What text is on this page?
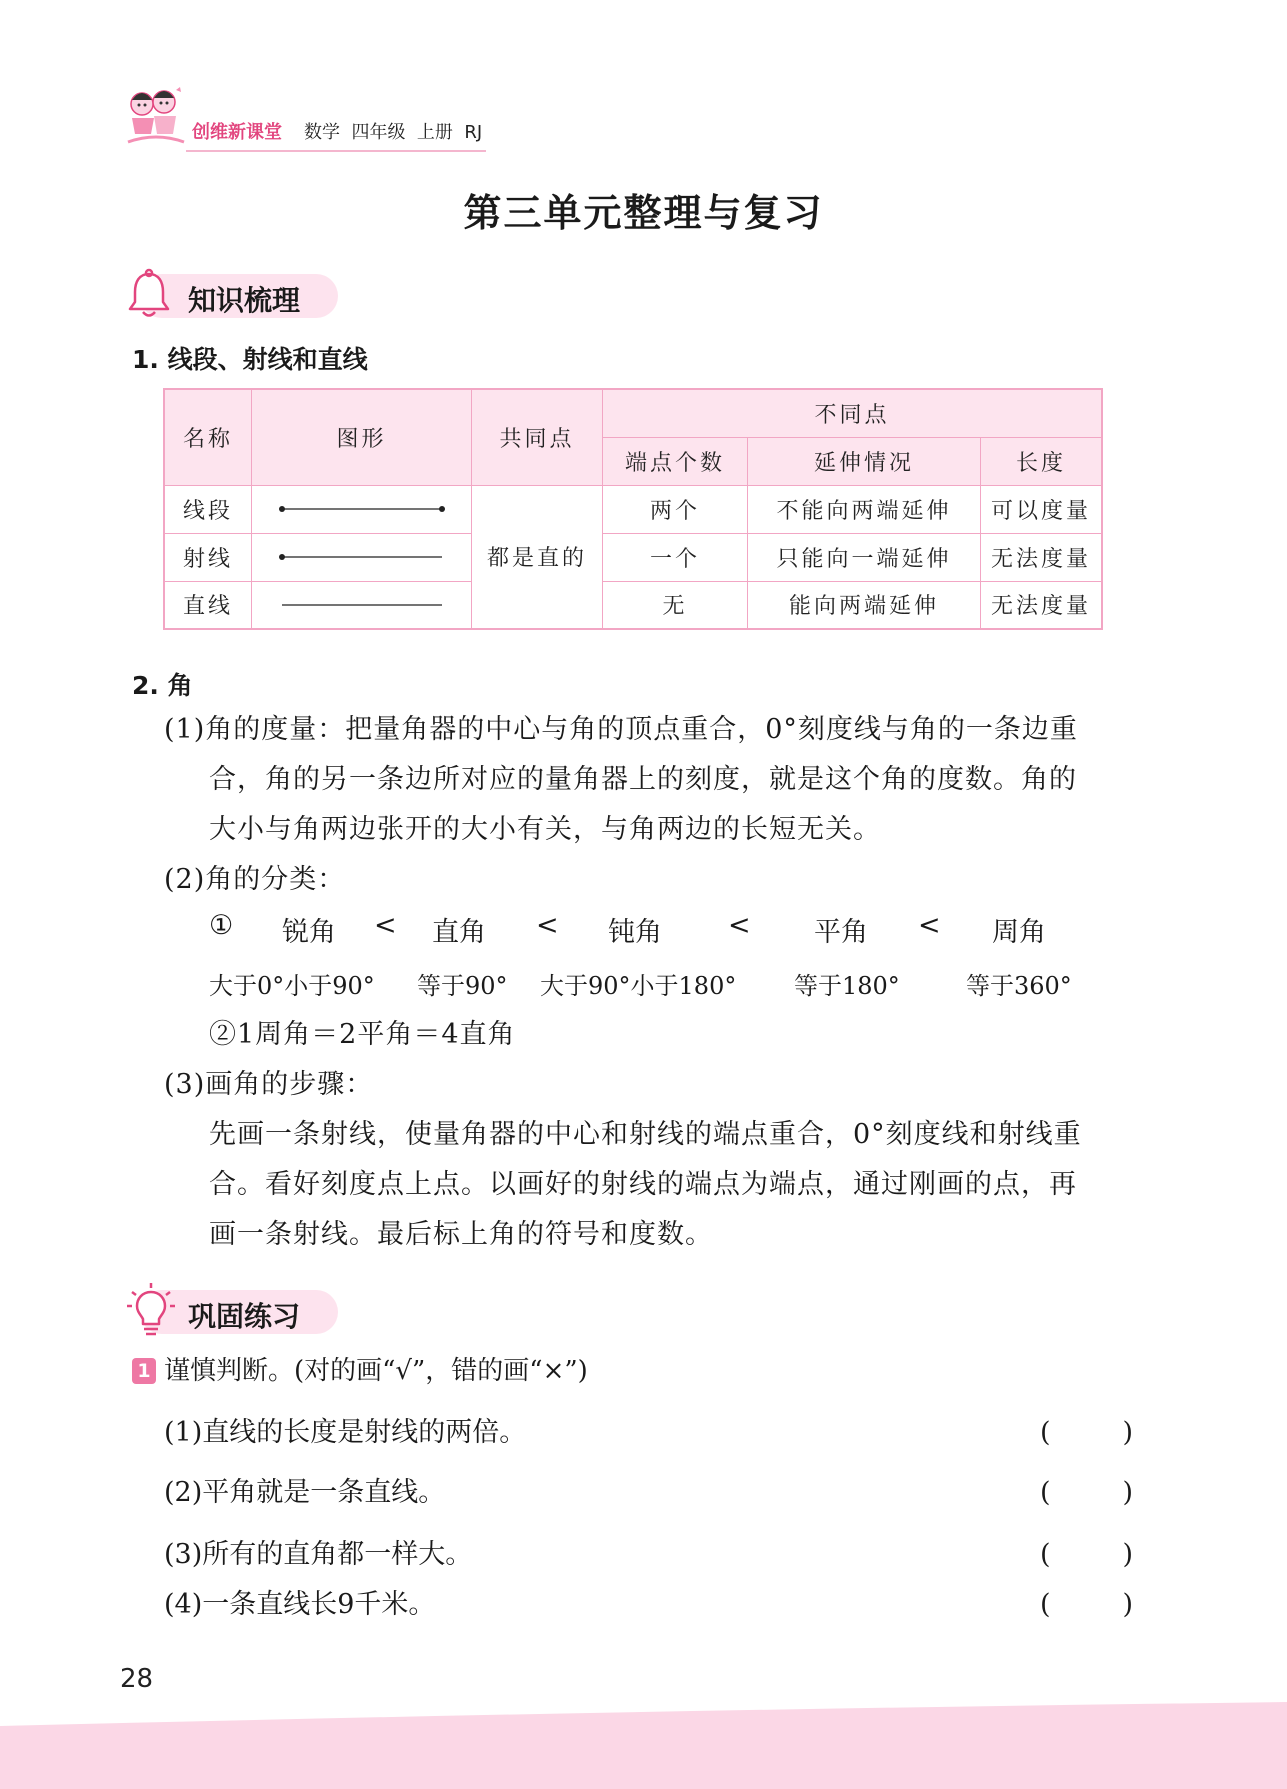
创维新课堂 数学  四年级  上册  RJ
第三单元整理与复习
知识梳理
1. 线段、射线和直线
名称	图形	共同点	不同点		
			端点个数	延伸情况	长度
线段		都是直的	两个	不能向两端延伸	可以度量
射线			一个	只能向一端延伸	无法度量
直线			无	能向两端延伸	无法度量
2. 角
(1)角的度量：把量角器的中心与角的顶点重合，0°刻度线与角的一条边重
合，角的另一条边所对应的量角器上的刻度，就是这个角的度数。角的
大小与角两边张开的大小有关，与角两边的长短无关。
(2)角的分类：
① 锐角 < 直角 < 钝角 < 平角 < 周角
大于0°小于90° 等于90° 大于90°小于180° 等于180°	等于360°
②1周角＝2平角＝4直角
(3)画角的步骤：
先画一条射线，使量角器的中心和射线的端点重合，0°刻度线和射线重
合。看好刻度点上点。以画好的射线的端点为端点，通过刚画的点，再
画一条射线。最后标上角的符号和度数。
巩固练习
1 谨慎判断。(对的画“√”，错的画“×”)
(1)直线的长度是射线的两倍。	(	)
(2)平角就是一条直线。	(	)
(3)所有的直角都一样大。	(	)
(4)一条直线长9千米。	(	)
28
